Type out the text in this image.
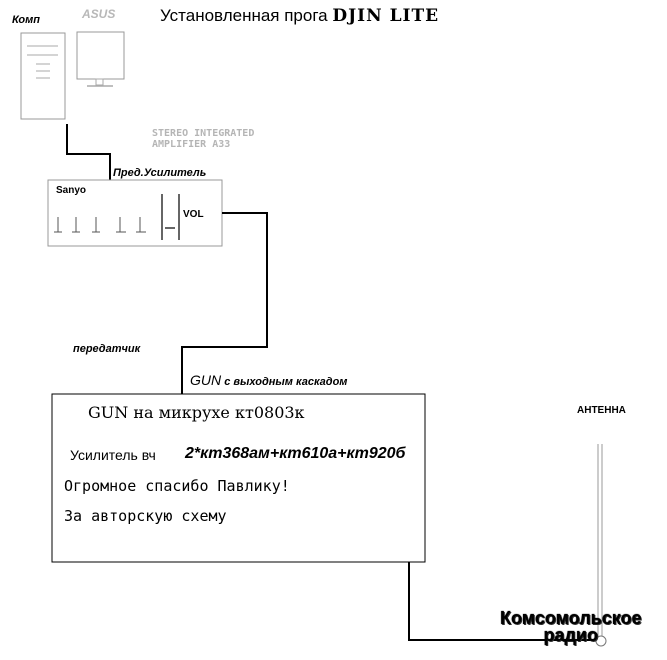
Установленная прога DJIN LITE
Комп	ASUS
STEREO INTEGRATED
AMPLIFIER A33
Пред.Усилитель
Sanyo
VOL
передатчик
GUN с выходным каскадом
GUN на микрухе кт0803к
Усилитель вч 2*кт368ам+кт610а+кт920б
Огромное спасибо Павлику!
За авторскую схему
АНТЕННА
Комсомольское
радио
